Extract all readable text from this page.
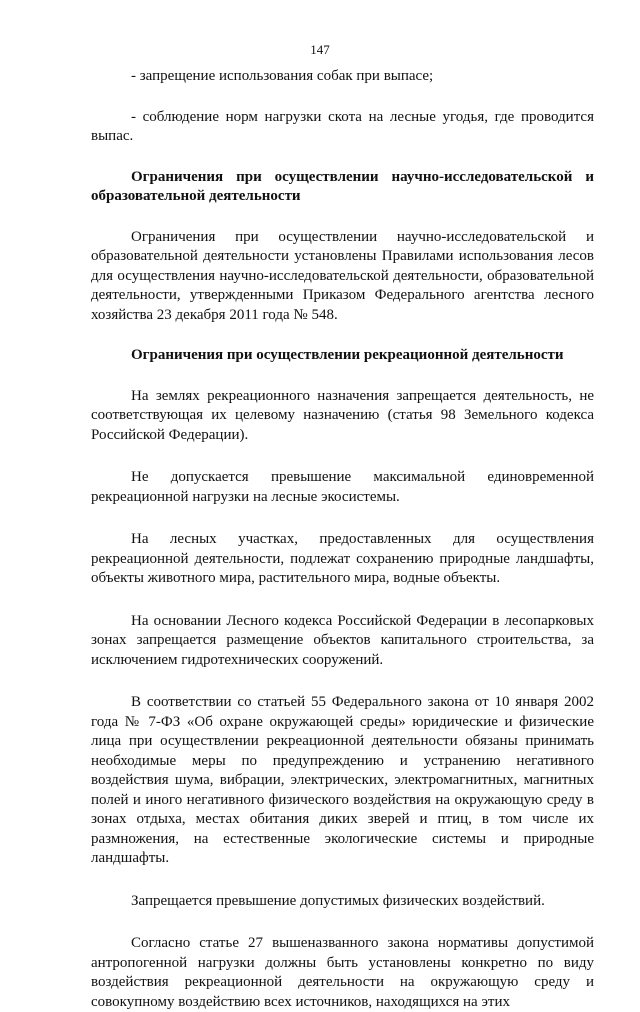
147

- запрещение использования собак при выпасе;

- соблюдение норм нагрузки скота на лесные угодья, где проводится выпас.

Ограничения при осуществлении научно-исследовательской и образовательной деятельности

Ограничения при осуществлении научно-исследовательской и образовательной деятельности установлены Правилами использования лесов для осуществления научно-исследовательской деятельности, образовательной деятельности, утвержденными Приказом Федерального агентства лесного хозяйства 23 декабря 2011 года № 548.

Ограничения при осуществлении рекреационной деятельности

На землях рекреационного назначения запрещается деятельность, не соответствующая их целевому назначению (статья 98 Земельного кодекса Российской Федерации).

Не допускается превышение максимальной единовременной рекреационной нагрузки на лесные экосистемы.

На лесных участках, предоставленных для осуществления рекреационной деятельности, подлежат сохранению природные ландшафты, объекты животного мира, растительного мира, водные объекты.

На основании Лесного кодекса Российской Федерации в лесопарковых зонах запрещается размещение объектов капитального строительства, за исключением гидротехнических сооружений.

В соответствии со статьей 55 Федерального закона от 10 января 2002 года № 7-ФЗ «Об охране окружающей среды» юридические и физические лица при осуществлении рекреационной деятельности обязаны принимать необходимые меры по предупреждению и устранению негативного воздействия шума, вибрации, электрических, электромагнитных, магнитных полей и иного негативного физического воздействия на окружающую среду в зонах отдыха, местах обитания диких зверей и птиц, в том числе их размножения, на естественные экологические системы и природные ландшафты.

Запрещается превышение допустимых физических воздействий.

Согласно статье 27 вышеназванного закона нормативы допустимой антропогенной нагрузки должны быть установлены конкретно по виду воздействия рекреационной деятельности на окружающую среду и совокупному воздействию всех источников, находящихся на этих
